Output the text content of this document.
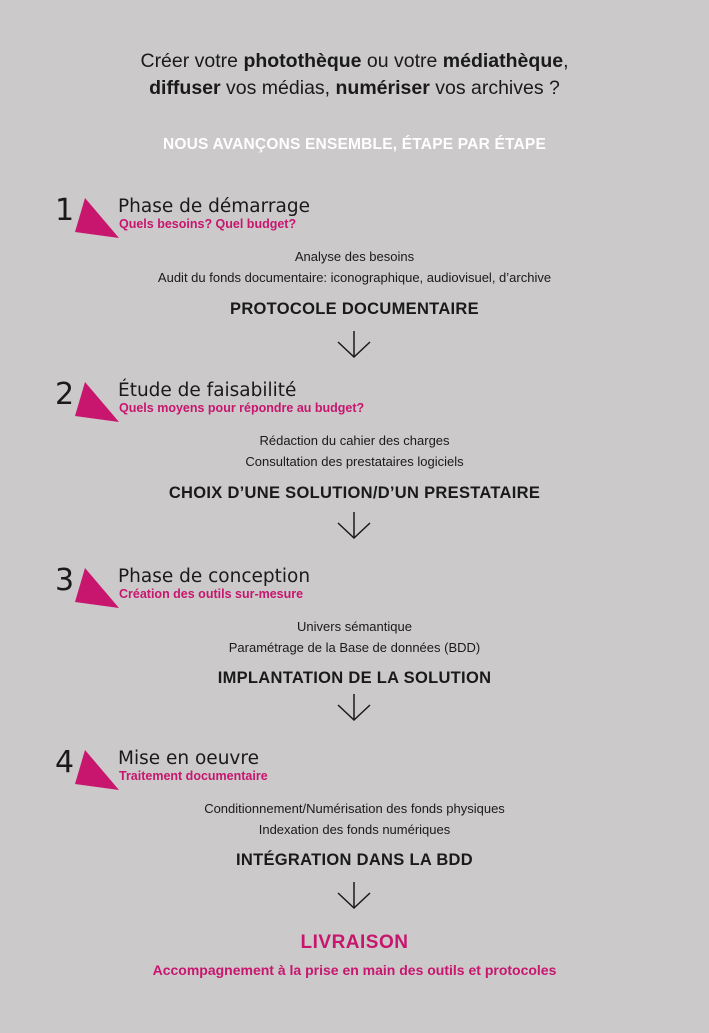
Créer votre photothèque ou votre médiathèque,
diffuser vos médias, numériser vos archives ?
NOUS AVANÇONS ENSEMBLE, ÉTAPE PAR ÉTAPE
1 Phase de démarrage
Quels besoins? Quel budget?
Analyse des besoins
Audit du fonds documentaire: iconographique, audiovisuel, d’archive
PROTOCOLE DOCUMENTAIRE
2 Étude de faisabilité
Quels moyens pour répondre au budget?
Rédaction du cahier des charges
Consultation des prestataires logiciels
CHOIX D’UNE SOLUTION/D’UN PRESTATAIRE
3 Phase de conception
Création des outils sur-mesure
Univers sémantique
Paramétrage de la Base de données (BDD)
IMPLANTATION DE LA SOLUTION
4 Mise en oeuvre
Traitement documentaire
Conditionnement/Numérisation des fonds physiques
Indexation des fonds numériques
INTÉGRATION DANS LA BDD
LIVRAISON
Accompagnement à la prise en main des outils et protocoles
